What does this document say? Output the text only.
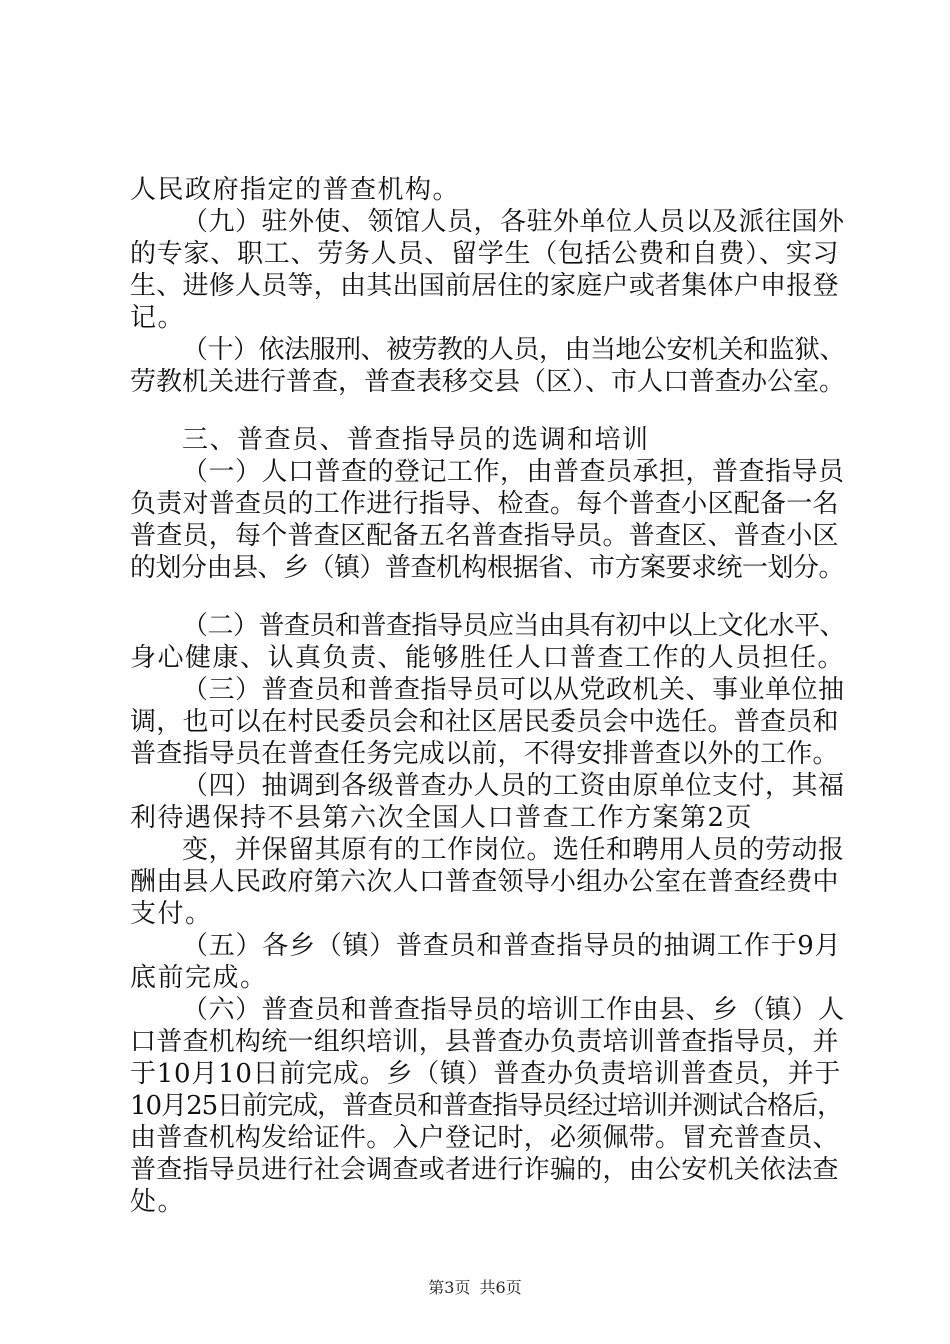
人民政府指定的普查机构。
（九）驻外使、领馆人员，各驻外单位人员以及派往国外
的专家、职工、劳务人员、留学生（包括公费和自费）、实习
生、进修人员等，由其出国前居住的家庭户或者集体户申报登
记。
（十）依法服刑、被劳教的人员，由当地公安机关和监狱、
劳教机关进行普查，普查表移交县（区）、市人口普查办公室。
三、普查员、普查指导员的选调和培训
（一）人口普查的登记工作，由普查员承担，普查指导员
负责对普查员的工作进行指导、检查。每个普查小区配备一名
普查员，每个普查区配备五名普查指导员。普查区、普查小区
的划分由县、乡（镇）普查机构根据省、市方案要求统一划分。
（二）普查员和普查指导员应当由具有初中以上文化水平、
身心健康、认真负责、能够胜任人口普查工作的人员担任。
（三）普查员和普查指导员可以从党政机关、事业单位抽
调，也可以在村民委员会和社区居民委员会中选任。普查员和
普查指导员在普查任务完成以前，不得安排普查以外的工作。
（四）抽调到各级普查办人员的工资由原单位支付，其福
利待遇保持不县第六次全国人口普查工作方案第2页
变，并保留其原有的工作岗位。选任和聘用人员的劳动报
酬由县人民政府第六次人口普查领导小组办公室在普查经费中
支付。
（五）各乡（镇）普查员和普查指导员的抽调工作于9月
底前完成。
（六）普查员和普查指导员的培训工作由县、乡（镇）人
口普查机构统一组织培训，县普查办负责培训普查指导员，并
于10月10日前完成。乡（镇）普查办负责培训普查员，并于
10月25日前完成，普查员和普查指导员经过培训并测试合格后，
由普查机构发给证件。入户登记时，必须佩带。冒充普查员、
普查指导员进行社会调查或者进行诈骗的，由公安机关依法查
处。
第3页 共6页
